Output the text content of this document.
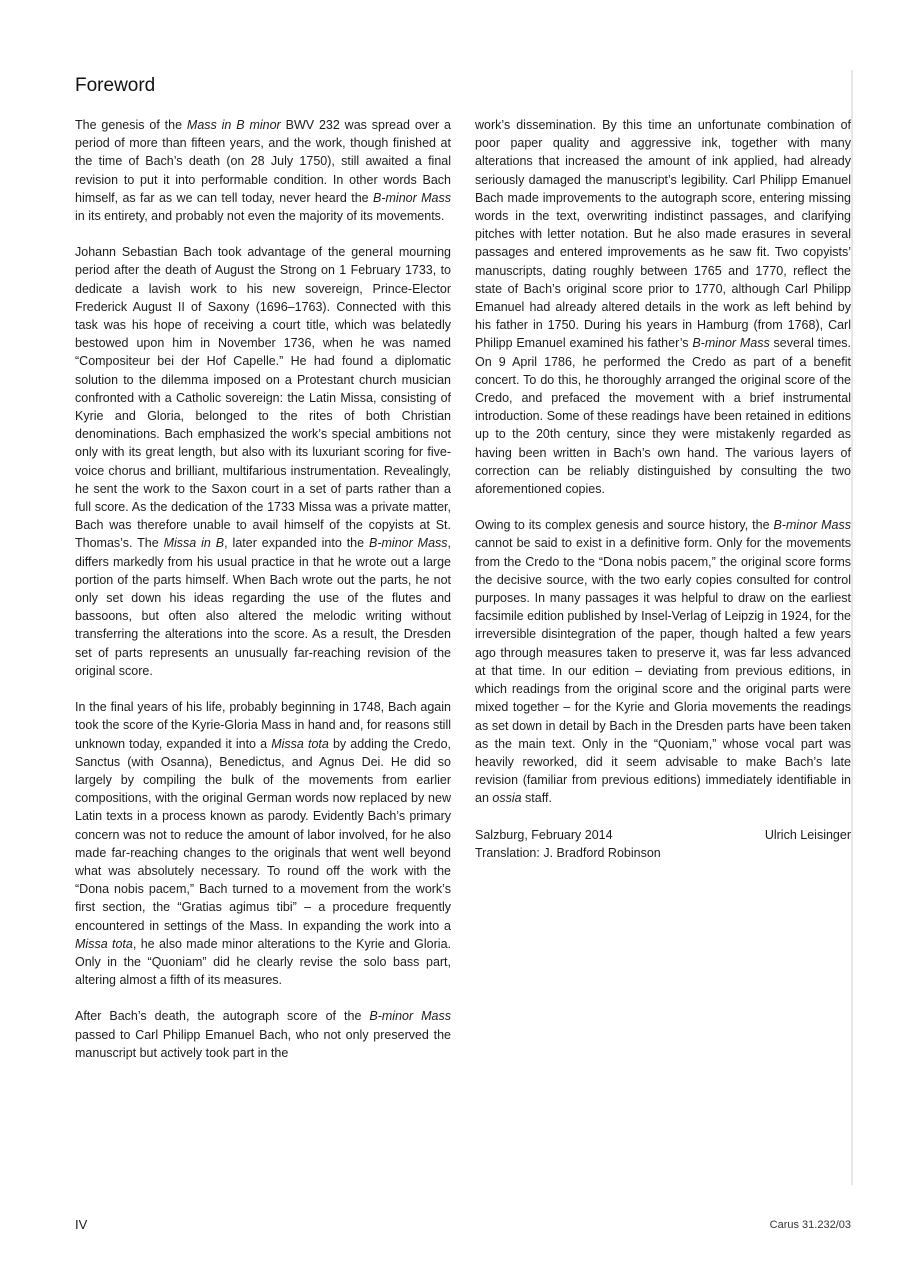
Foreword

The genesis of the Mass in B minor BWV 232 was spread over a period of more than fifteen years, and the work, though finished at the time of Bach’s death (on 28 July 1750), still awaited a final revision to put it into performable condition. In other words Bach himself, as far as we can tell today, never heard the B-minor Mass in its entirety, and probably not even the majority of its movements.

Johann Sebastian Bach took advantage of the general mourning period after the death of August the Strong on 1 February 1733, to dedicate a lavish work to his new sovereign, Prince-Elector Frederick August II of Saxony (1696–1763). Connected with this task was his hope of receiving a court title, which was belatedly bestowed upon him in November 1736, when he was named “Compositeur bei der Hof Capelle.” He had found a diplomatic solution to the dilemma imposed on a Protestant church musician confronted with a Catholic sovereign: the Latin Missa, consisting of Kyrie and Gloria, belonged to the rites of both Christian denominations. Bach emphasized the work’s special ambitions not only with its great length, but also with its luxuriant scoring for five-voice chorus and brilliant, multifarious instrumentation. Revealingly, he sent the work to the Saxon court in a set of parts rather than a full score. As the dedication of the 1733 Missa was a private matter, Bach was therefore unable to avail himself of the copyists at St. Thomas’s. The Missa in B, later expanded into the B-minor Mass, differs markedly from his usual practice in that he wrote out a large portion of the parts himself. When Bach wrote out the parts, he not only set down his ideas regarding the use of the flutes and bassoons, but often also altered the melodic writing without transferring the alterations into the score. As a result, the Dresden set of parts represents an unusually far-reaching revision of the original score.

In the final years of his life, probably beginning in 1748, Bach again took the score of the Kyrie-Gloria Mass in hand and, for reasons still unknown today, expanded it into a Missa tota by adding the Credo, Sanctus (with Osanna), Benedictus, and Agnus Dei. He did so largely by compiling the bulk of the movements from earlier compositions, with the original German words now replaced by new Latin texts in a process known as parody. Evidently Bach’s primary concern was not to reduce the amount of labor involved, for he also made far-reaching changes to the originals that went well beyond what was absolutely necessary. To round off the work with the “Dona nobis pacem,” Bach turned to a movement from the work’s first section, the “Gratias agimus tibi” – a procedure frequently encountered in settings of the Mass. In expanding the work into a Missa tota, he also made minor alterations to the Kyrie and Gloria. Only in the “Quoniam” did he clearly revise the solo bass part, altering almost a fifth of its measures.

After Bach’s death, the autograph score of the B-minor Mass passed to Carl Philipp Emanuel Bach, who not only preserved the manuscript but actively took part in the

work’s dissemination. By this time an unfortunate combination of poor paper quality and aggressive ink, together with many alterations that increased the amount of ink applied, had already seriously damaged the manuscript’s legibility. Carl Philipp Emanuel Bach made improvements to the autograph score, entering missing words in the text, overwriting indistinct passages, and clarifying pitches with letter notation. But he also made erasures in several passages and entered improvements as he saw fit. Two copyists’ manuscripts, dating roughly between 1765 and 1770, reflect the state of Bach’s original score prior to 1770, although Carl Philipp Emanuel had already altered details in the work as left behind by his father in 1750. During his years in Hamburg (from 1768), Carl Philipp Emanuel examined his father’s B-minor Mass several times. On 9 April 1786, he performed the Credo as part of a benefit concert. To do this, he thoroughly arranged the original score of the Credo, and prefaced the movement with a brief instrumental introduction. Some of these readings have been retained in editions up to the 20th century, since they were mistakenly regarded as having been written in Bach’s own hand. The various layers of correction can be reliably distinguished by consulting the two aforementioned copies.

Owing to its complex genesis and source history, the B-minor Mass cannot be said to exist in a definitive form. Only for the movements from the Credo to the “Dona nobis pacem,” the original score forms the decisive source, with the two early copies consulted for control purposes. In many passages it was helpful to draw on the earliest facsimile edition published by Insel-Verlag of Leipzig in 1924, for the irreversible disintegration of the paper, though halted a few years ago through measures taken to preserve it, was far less advanced at that time. In our edition – deviating from previous editions, in which readings from the original score and the original parts were mixed together – for the Kyrie and Gloria movements the readings as set down in detail by Bach in the Dresden parts have been taken as the main text. Only in the “Quoniam,” whose vocal part was heavily reworked, did it seem advisable to make Bach’s late revision (familiar from previous editions) immediately identifiable in an ossia staff.

Salzburg, February 2014	Ulrich Leisinger
Translation: J. Bradford Robinson
IV	Carus 31.232/03
